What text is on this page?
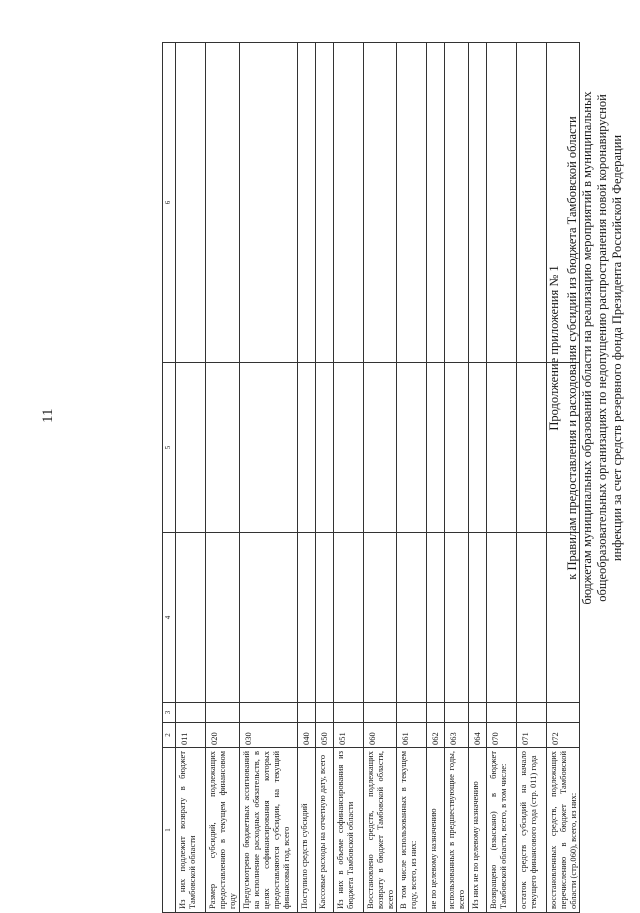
11
1	2	3	4	5	6
Из них подлежит возврату в бюджет Тамбовской области	011				
Размер субсидий, подлежащих предоставлению в текущем финансовом году	020				
Предусмотрено бюджетных ассигнований на исполнение расходных обязательств, в целях софинансирования которых предоставляются субсидии, на текущий финансовый год, всего	030				
Поступило средств субсидий	040				
Кассовые расходы на отчетную дату, всего	050				
Из них в объеме софинансирования из бюджета Тамбовской области	051				
Восстановлено средств, подлежащих возврату в бюджет Тамбовской области, всего	060				
В том числе использованных в текущем году, всего, из них:	061				
не по целевому назначению	062				
использованных в предшествующие годы, всего	063				
Из них не по целевому назначению	064				
Возвращено (взыскано) в бюджет Тамбовской области, всего, в том числе:	070				
остаток средств субсидий на начало текущего финансового года (стр. 011) года	071				
восстановленных средств, подлежащих перечислению в бюджет Тамбовской области (стр.060), всего, из них:	072				
Продолжение приложения № 1 к Правилам предоставления и расходования субсидий из бюджета Тамбовской области бюджетам муниципальных образований области на реализацию мероприятий в муниципальных общеобразовательных организациях по недопущению распространения новой коронавирусной инфекции за счет средств резервного фонда Президента Российской Федерации
